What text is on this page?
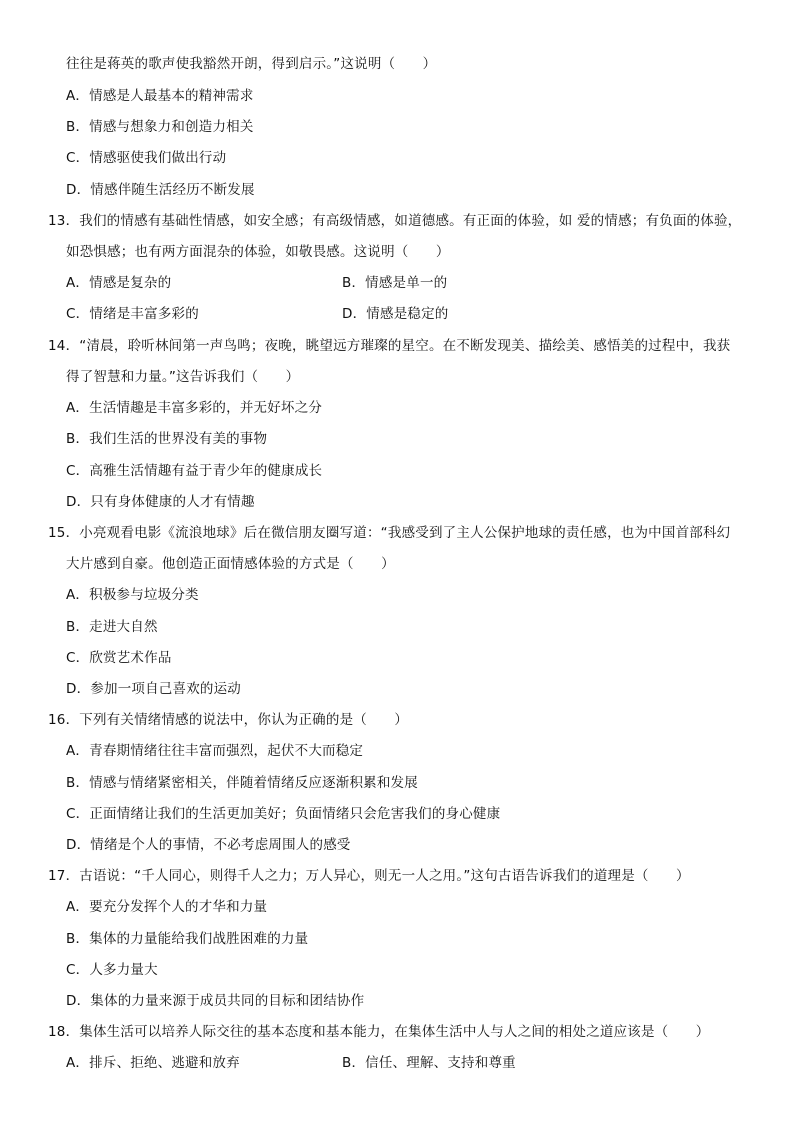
往往是蒋英的歌声使我豁然开朗，得到启示。”这说明（　　）
A．情感是人最基本的精神需求
B．情感与想象力和创造力相关
C．情感驱使我们做出行动
D．情感伴随生活经历不断发展
13．我们的情感有基础性情感，如安全感；有高级情感，如道德感。有正面的体验，如 爱的情感；有负面的体验，
如恐惧感；也有两方面混杂的体验，如敬畏感。这说明（　　）
A．情感是复杂的	B．情感是单一的
C．情绪是丰富多彩的	D．情感是稳定的
14．“清晨，聆听林间第一声鸟鸣；夜晚，眺望远方璀璨的星空。在不断发现美、描绘美、感悟美的过程中，我获
得了智慧和力量。”这告诉我们（　　）
A．生活情趣是丰富多彩的，并无好坏之分
B．我们生活的世界没有美的事物
C．高雅生活情趣有益于青少年的健康成长
D．只有身体健康的人才有情趣
15．小亮观看电影《流浪地球》后在微信朋友圈写道：“我感受到了主人公保护地球的责任感，也为中国首部科幻
大片感到自豪。他创造正面情感体验的方式是（　　）
A．积极参与垃圾分类
B．走进大自然
C．欣赏艺术作品
D．参加一项自己喜欢的运动
16．下列有关情绪情感的说法中，你认为正确的是（　　）
A．青春期情绪往往丰富而强烈，起伏不大而稳定
B．情感与情绪紧密相关，伴随着情绪反应逐渐积累和发展
C．正面情绪让我们的生活更加美好；负面情绪只会危害我们的身心健康
D．情绪是个人的事情，不必考虑周围人的感受
17．古语说：“千人同心，则得千人之力；万人异心，则无一人之用。”这句古语告诉我们的道理是（　　）
A．要充分发挥个人的才华和力量
B．集体的力量能给我们战胜困难的力量
C．人多力量大
D．集体的力量来源于成员共同的目标和团结协作
18．集体生活可以培养人际交往的基本态度和基本能力，在集体生活中人与人之间的相处之道应该是（　　）
A．排斥、拒绝、逃避和放弃	B．信任、理解、支持和尊重
